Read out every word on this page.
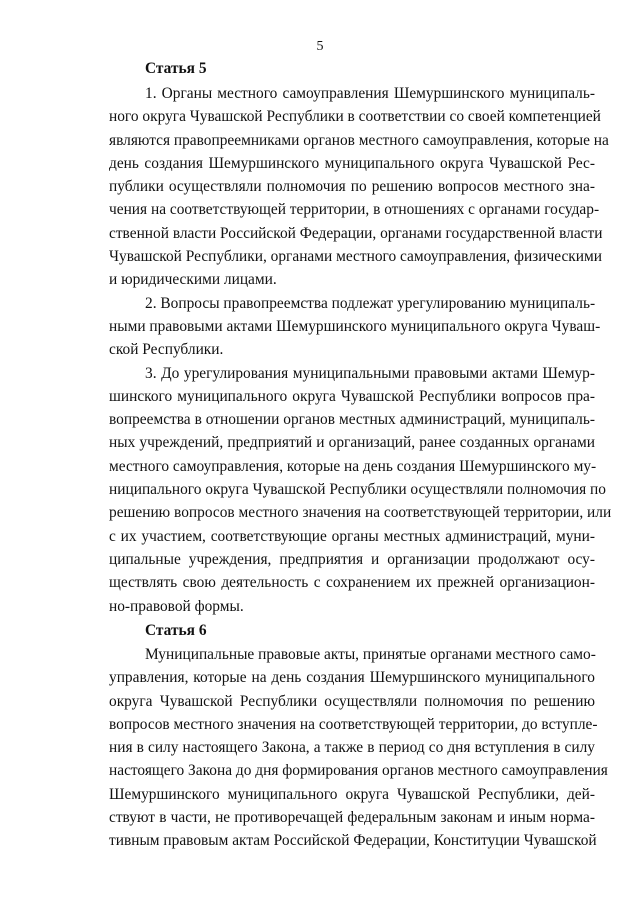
5
Статья 5
1. Органы местного самоуправления Шемуршинского муниципаль-
ного округа Чувашской Республики в соответствии со своей компетенцией
являются правопреемниками органов местного самоуправления, которые на
день создания Шемуршинского муниципального округа Чувашской Рес-
публики осуществляли полномочия по решению вопросов местного зна-
чения на соответствующей территории, в отношениях с органами государ-
ственной власти Российской Федерации, органами государственной власти
Чувашской Республики, органами местного самоуправления, физическими
и юридическими лицами.
2. Вопросы правопреемства подлежат урегулированию муниципаль-
ными правовыми актами Шемуршинского муниципального округа Чуваш-
ской Республики.
3. До урегулирования муниципальными правовыми актами Шемур-
шинского муниципального округа Чувашской Республики вопросов пра-
вопреемства в отношении органов местных администраций, муниципаль-
ных учреждений, предприятий и организаций, ранее созданных органами
местного самоуправления, которые на день создания Шемуршинского му-
ниципального округа Чувашской Республики осуществляли полномочия по
решению вопросов местного значения на соответствующей территории, или
с их участием, соответствующие органы местных администраций, муни-
ципальные учреждения, предприятия и организации продолжают осу-
ществлять свою деятельность с сохранением их прежней организацион-
но-правовой формы.
Статья 6
Муниципальные правовые акты, принятые органами местного само-
управления, которые на день создания Шемуршинского муниципального
округа Чувашской Республики осуществляли полномочия по решению
вопросов местного значения на соответствующей территории, до вступле-
ния в силу настоящего Закона, а также в период со дня вступления в силу
настоящего Закона до дня формирования органов местного самоуправления
Шемуршинского муниципального округа Чувашской Республики, дей-
ствуют в части, не противоречащей федеральным законам и иным норма-
тивным правовым актам Российской Федерации, Конституции Чувашской
